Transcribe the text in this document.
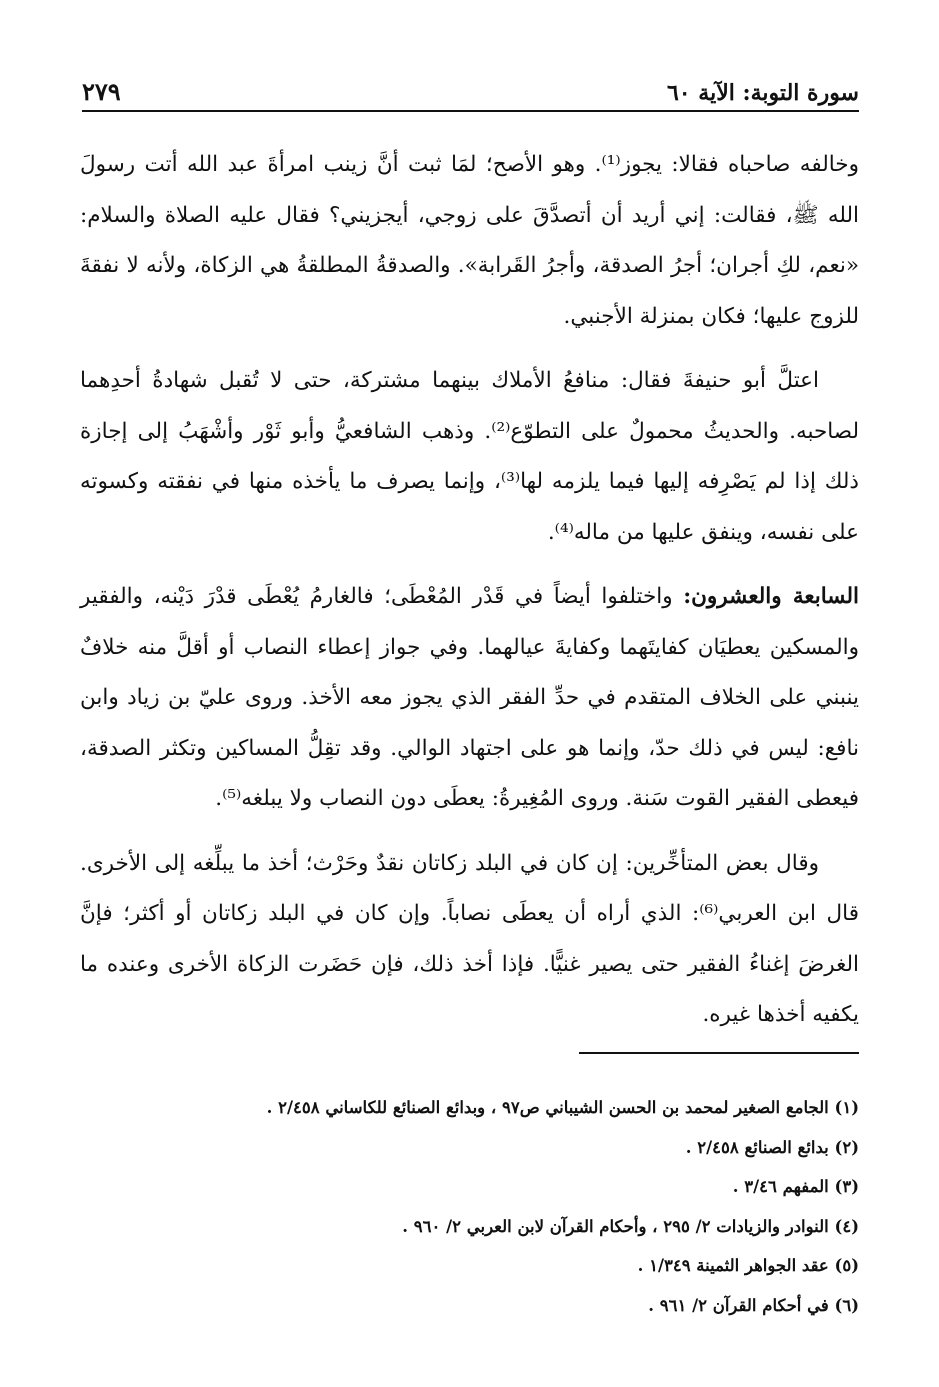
سورة التوبة: الآية ٦٠
٢٧٩

وخالفه صاحباه فقالا: يجوز⁽¹⁾. وهو الأصح؛ لمَا ثبت أنَّ زينب امرأةَ عبد الله أتت رسولَ الله ﷺ، فقالت: إني أريد أن أتصدَّقَ على زوجي، أيجزيني؟ فقال عليه الصلاة والسلام: «نعم، لكِ أجران؛ أجرُ الصدقة، وأجرُ القَرابة». والصدقةُ المطلقةُ هي الزكاة، ولأنه لا نفقةَ للزوج عليها؛ فكان بمنزلة الأجنبي.

اعتلَّ أبو حنيفةَ فقال: منافعُ الأملاك بينهما مشتركة، حتى لا تُقبل شهادةُ أحدِهما لصاحبه. والحديثُ محمولٌ على التطوّع⁽²⁾. وذهب الشافعيُّ وأبو ثَوْر وأشْهَبُ إلى إجازة ذلك إذا لم يَصْرِفه إليها فيما يلزمه لها⁽³⁾، وإنما يصرف ما يأخذه منها في نفقته وكسوته على نفسه، وينفق عليها من ماله⁽⁴⁾.

السابعة والعشرون: واختلفوا أيضاً في قَدْر المُعْطَى؛ فالغارمُ يُعْطَى قدْرَ دَيْنه، والفقير والمسكين يعطيَان كفايتَهما وكفايةَ عيالهما. وفي جواز إعطاء النصاب أو أقلَّ منه خلافٌ ينبني على الخلاف المتقدم في حدِّ الفقر الذي يجوز معه الأخذ. وروى عليّ بن زياد وابن نافع: ليس في ذلك حدّ، وإنما هو على اجتهاد الوالي. وقد تقِلُّ المساكين وتكثر الصدقة، فيعطى الفقير القوت سَنة. وروى المُغِيرةُ: يعطَى دون النصاب ولا يبلغه⁽⁵⁾.

وقال بعض المتأخِّرين: إن كان في البلد زكاتان نقدٌ وحَرْث؛ أخذ ما يبلِّغه إلى الأخرى. قال ابن العربي⁽⁶⁾: الذي أراه أن يعطَى نصاباً. وإن كان في البلد زكاتان أو أكثر؛ فإنَّ الغرضَ إغناءُ الفقير حتى يصير غنيًّا. فإذا أخذ ذلك، فإن حَضَرت الزكاة الأخرى وعنده ما يكفيه أخذها غيره.

(١) الجامع الصغير لمحمد بن الحسن الشيباني ص٩٧ ، وبدائع الصنائع للكاساني ٢/٤٥٨ .
(٢) بدائع الصنائع ٢/٤٥٨ .
(٣) المفهم ٣/٤٦ .
(٤) النوادر والزيادات ٢/ ٢٩٥ ، وأحكام القرآن لابن العربي ٢/ ٩٦٠ .
(٥) عقد الجواهر الثمينة ١/٣٤٩ .
(٦) في أحكام القرآن ٢/ ٩٦١ .
